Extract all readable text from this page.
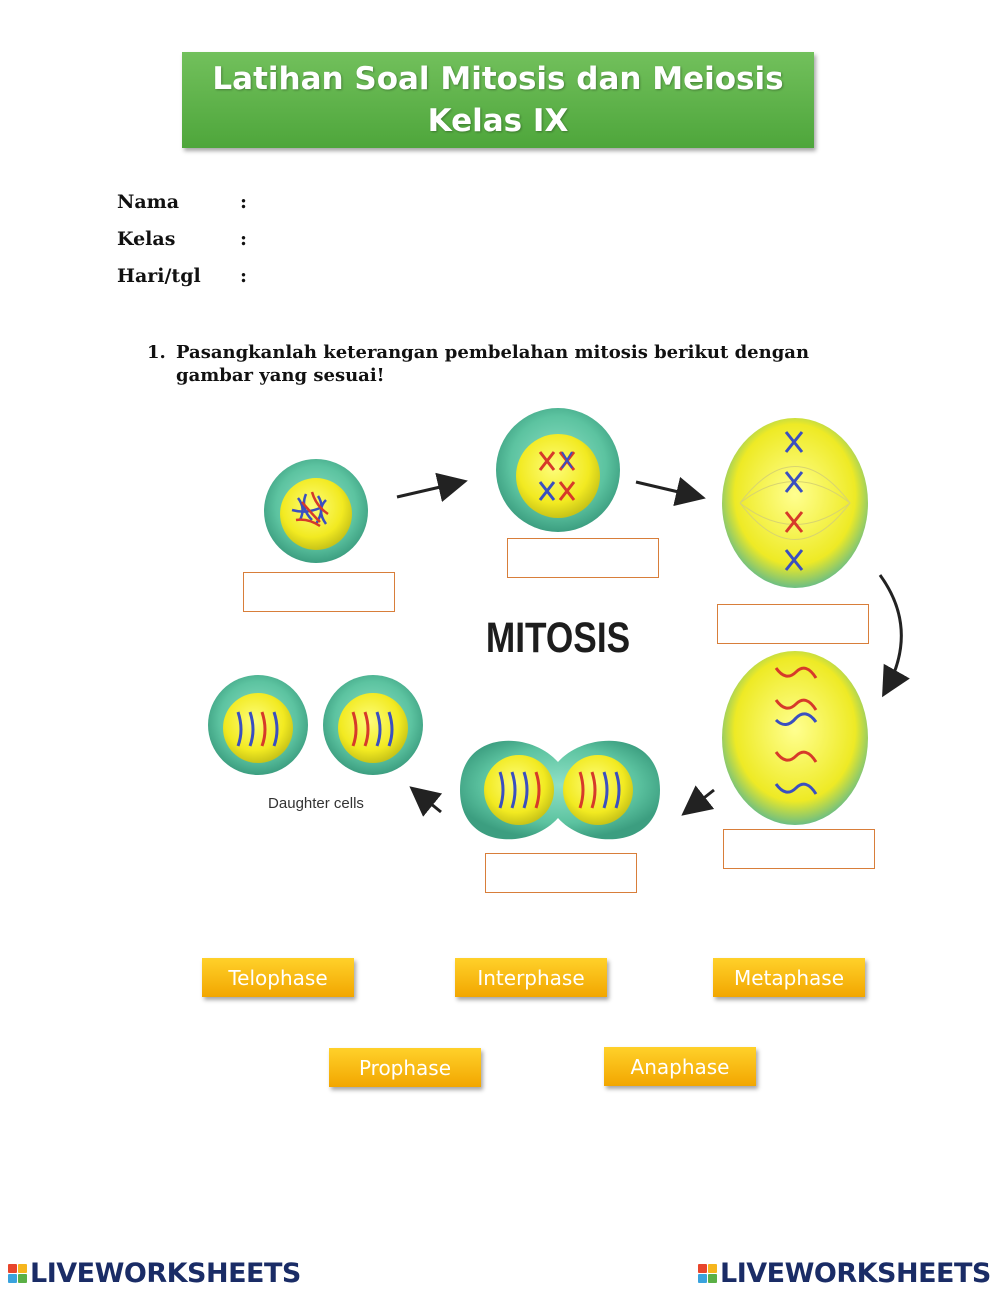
Latihan Soal Mitosis dan Meiosis
Kelas IX
Nama	:
Kelas	:
Hari/tgl :
1. Pasangkanlah keterangan pembelahan mitosis berikut dengan gambar yang sesuai!
MITOSIS
Daughter cells
Telophase	Interphase	Metaphase
Prophase	Anaphase
LIVEWORKSHEETS	LIVEWORKSHEETS
